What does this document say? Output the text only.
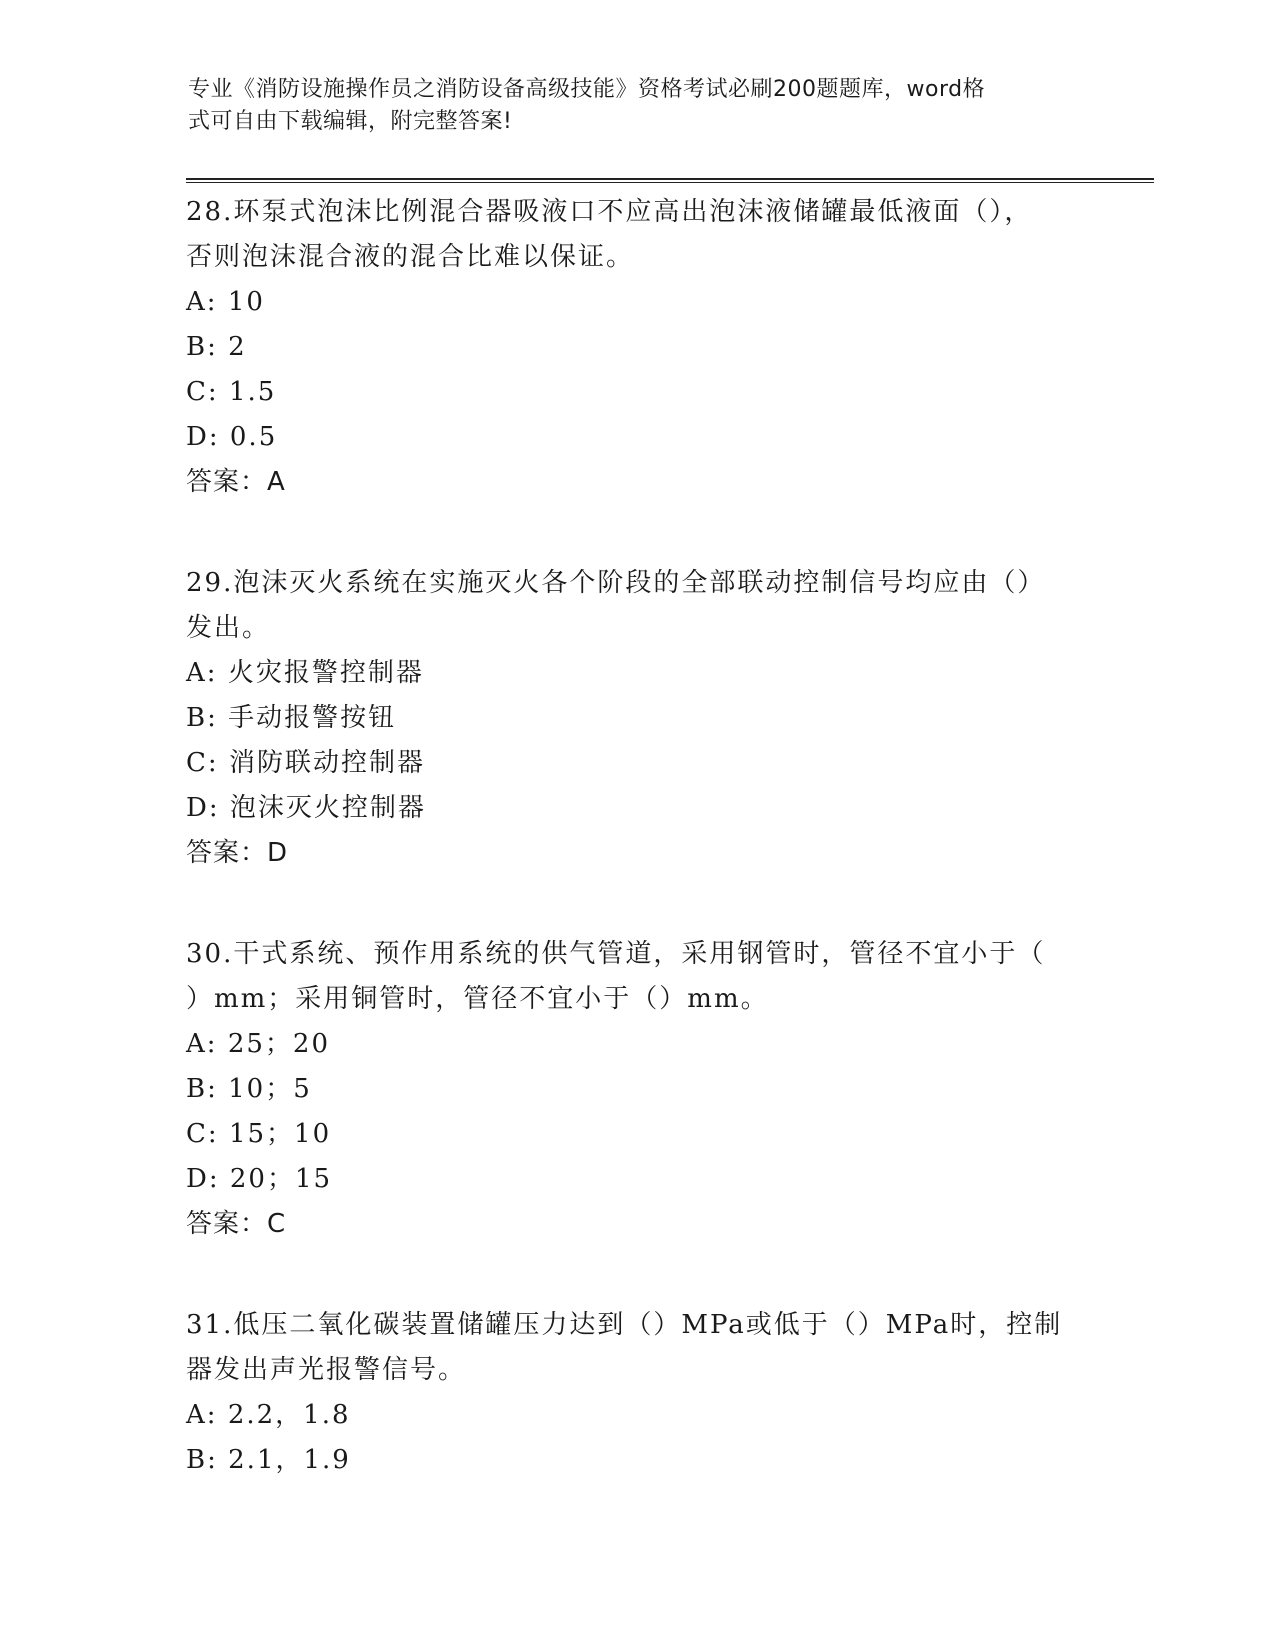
专业《消防设施操作员之消防设备高级技能》资格考试必刷200题题库，word格
式可自由下载编辑，附完整答案!
28.环泵式泡沫比例混合器吸液口不应高出泡沫液储罐最低液面（），
否则泡沫混合液的混合比难以保证。
A : 10
B : 2
C : 1.5
D : 0.5
答案：A
29.泡沫灭火系统在实施灭火各个阶段的全部联动控制信号均应由（）
发出。
A : 火灾报警控制器
B : 手动报警按钮
C : 消防联动控制器
D : 泡沫灭火控制器
答案：D
30.干式系统、预作用系统的供气管道，采用钢管时，管径不宜小于（
）mm；采用铜管时，管径不宜小于（）mm。
A : 25；20
B : 10；5
C : 15；10
D : 20；15
答案：C
31.低压二氧化碳装置储罐压力达到（）MPa或低于（）MPa时，控制
器发出声光报警信号。
A : 2.2，1.8
B : 2.1，1.9
